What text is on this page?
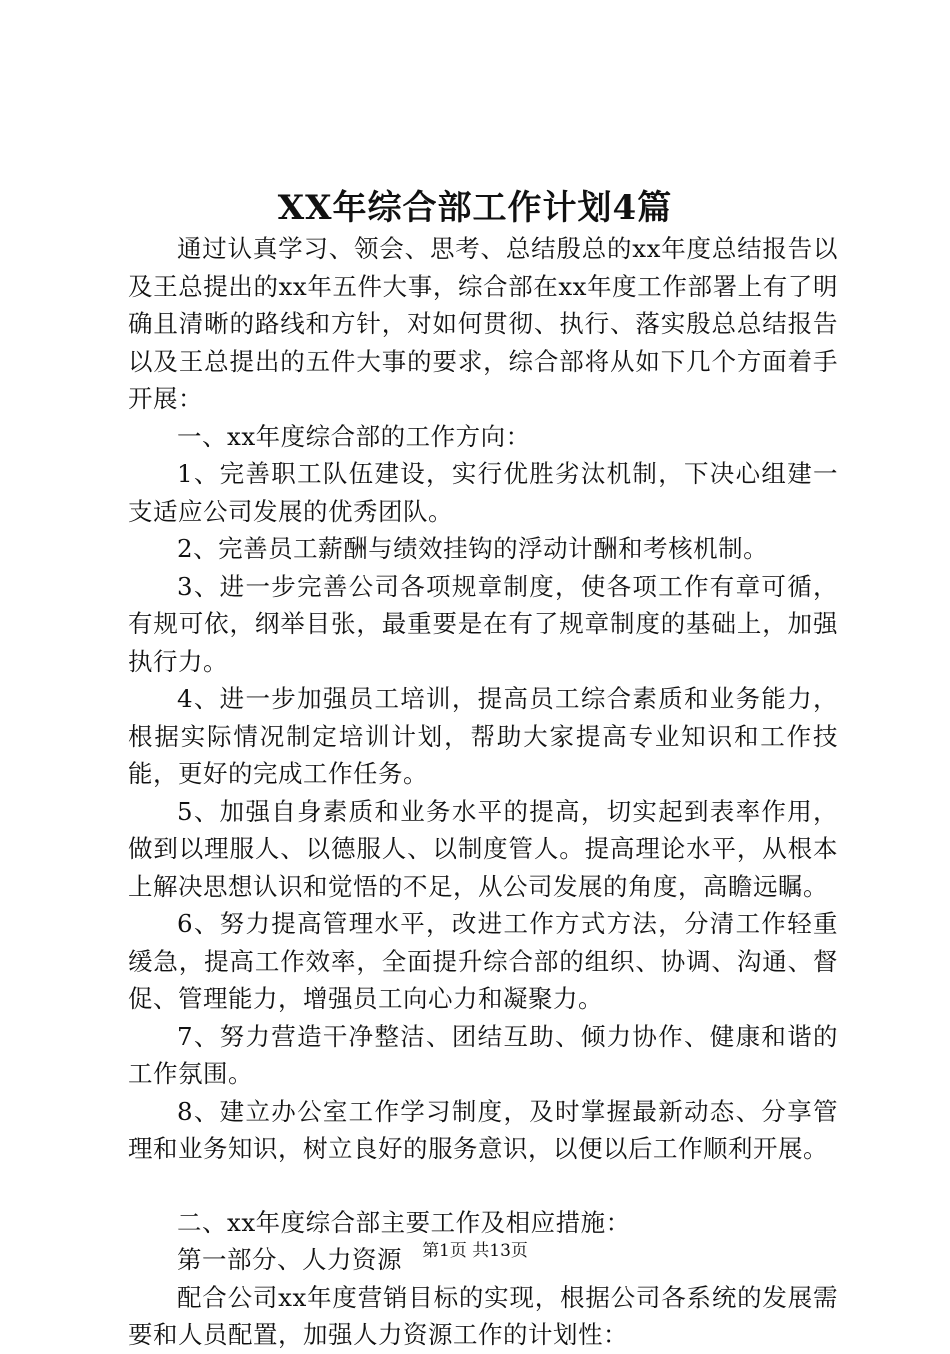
XX年综合部工作计划4篇

通过认真学习、领会、思考、总结殷总的xx年度总结报告以及王总提出的xx年五件大事，综合部在xx年度工作部署上有了明确且清晰的路线和方针，对如何贯彻、执行、落实殷总总结报告以及王总提出的五件大事的要求，综合部将从如下几个方面着手开展：

一、xx年度综合部的工作方向：

1、完善职工队伍建设，实行优胜劣汰机制，下决心组建一支适应公司发展的优秀团队。

2、完善员工薪酬与绩效挂钩的浮动计酬和考核机制。

3、进一步完善公司各项规章制度，使各项工作有章可循，有规可依，纲举目张，最重要是在有了规章制度的基础上，加强执行力。

4、进一步加强员工培训，提高员工综合素质和业务能力，根据实际情况制定培训计划，帮助大家提高专业知识和工作技能，更好的完成工作任务。

5、加强自身素质和业务水平的提高，切实起到表率作用，做到以理服人、以德服人、以制度管人。提高理论水平，从根本上解决思想认识和觉悟的不足，从公司发展的角度，高瞻远瞩。

6、努力提高管理水平，改进工作方式方法，分清工作轻重缓急，提高工作效率，全面提升综合部的组织、协调、沟通、督促、管理能力，增强员工向心力和凝聚力。

7、努力营造干净整洁、团结互助、倾力协作、健康和谐的工作氛围。

8、建立办公室工作学习制度，及时掌握最新动态、分享管理和业务知识，树立良好的服务意识，以便以后工作顺利开展。

二、xx年度综合部主要工作及相应措施：

第一部分、人力资源

配合公司xx年度营销目标的实现，根据公司各系统的发展需要和人员配置，加强人力资源工作的计划性：

第1页 共13页
